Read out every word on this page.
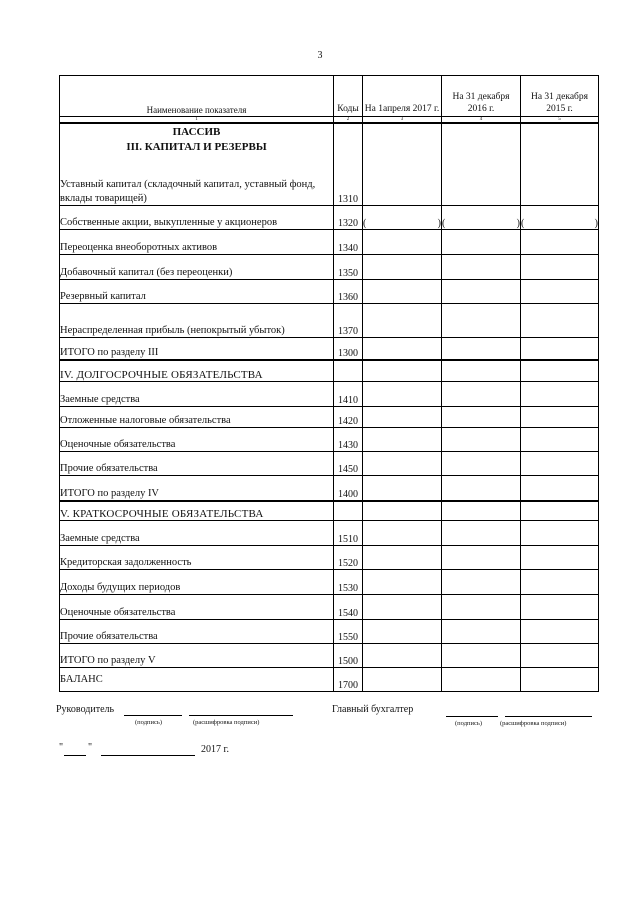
3
Наименование показателя	Коды	На 1апреля 2017 г.	На 31 декабря 2016 г.	На 31 декабря 2015 г.
1	2	3	4	5

ПАССИВ
III. КАПИТАЛ И РЕЗЕРВЫ
Уставный капитал (складочный капитал, уставный фонд, вклады товарищей)	1310			
Собственные акции, выкупленные у акционеров	1320	( )	( )	( )

Переоценка внеоборотных активов	1340			
Добавочный капитал (без переоценки)	1350			
Резервный капитал	1360			
Нераспределенная прибыль (непокрытый убыток)	1370			
ИТОГО по разделу III	1300			
IV. ДОЛГОСРОЧНЫЕ ОБЯЗАТЕЛЬСТВА				
Заемные средства	1410			
Отложенные налоговые обязательства	1420			
Оценочные обязательства	1430			
Прочие обязательства	1450			
ИТОГО по разделу IV	1400			
V. КРАТКОСРОЧНЫЕ ОБЯЗАТЕЛЬСТВА				
Заемные средства	1510			
Кредиторская задолженность	1520			
Доходы будущих периодов	1530			
Оценочные обязательства	1540			
Прочие обязательства	1550			
ИТОГО по разделу V	1500			
БАЛАНС	1700			
Руководитель
(подпись)	(расшифровка подписи)
Главный бухгалтер
(подпись)	(расшифровка подписи)
" "	2017 г.
